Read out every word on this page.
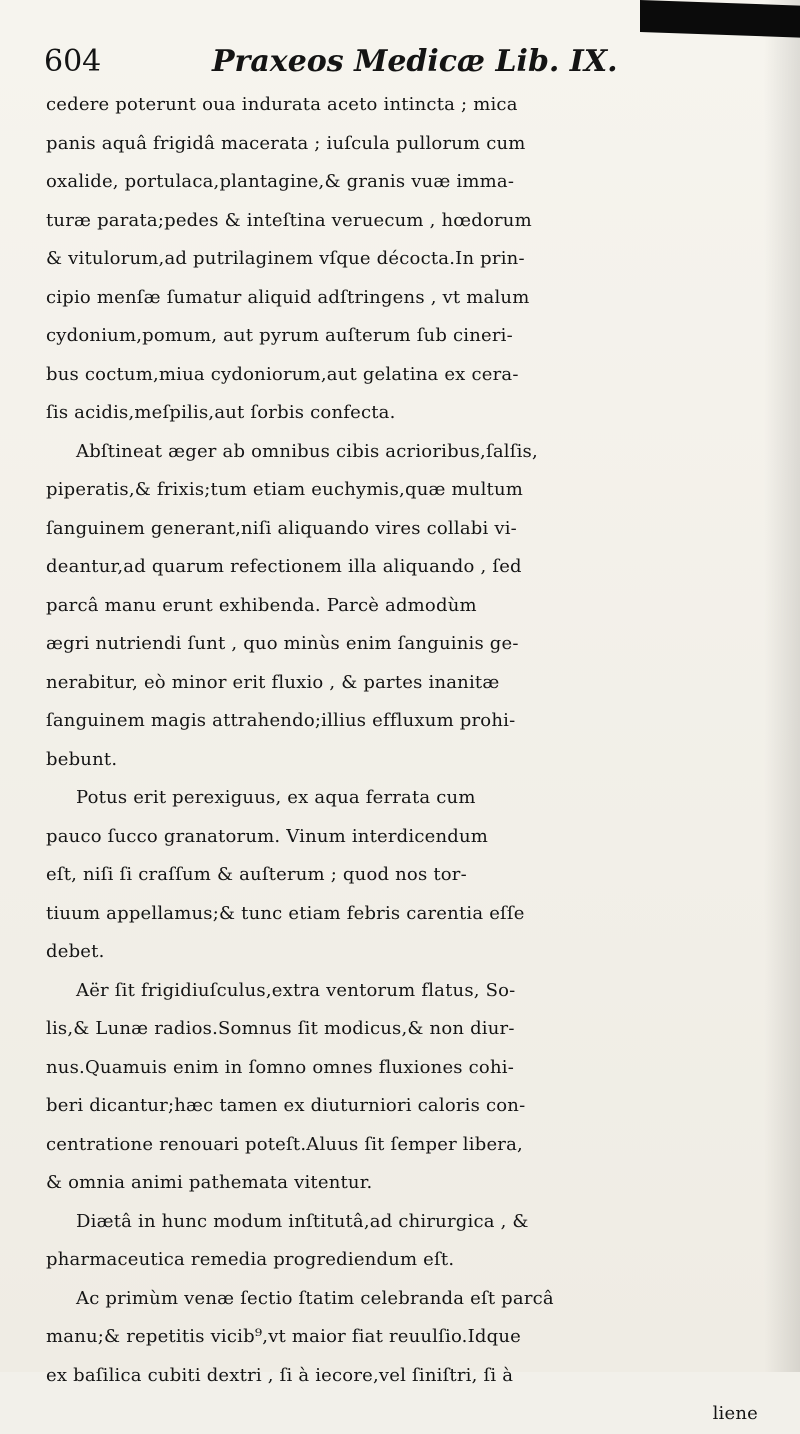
604	Praxeos Medicæ Lib. IX.
cedere poterunt oua indurata aceto intincta ; mica
panis aquâ frigidâ macerata ; iuſcula pullorum cum
oxalide, portulaca,plantagine,& granis vuæ imma-
turæ parata;pedes & inteſtina veruecum , hœdorum
& vitulorum,ad putrilaginem vſque décocta.In prin-
cipio menſæ ſumatur aliquid adſtringens , vt malum
cydonium,pomum, aut pyrum auſterum ſub cineri-
bus coctum,miua cydoniorum,aut gelatina ex cera-
ſis acidis,meſpilis,aut ſorbis confecta.
Abſtineat æger ab omnibus cibis acrioribus,ſalſis,
piperatis,& frixis;tum etiam euchymis,quæ multum
ſanguinem generant,niſi aliquando vires collabi vi-
deantur,ad quarum refectionem illa aliquando , ſed
parcâ manu erunt exhibenda. Parcè admodùm
ægri nutriendi ſunt , quo minùs enim ſanguinis ge-
nerabitur, eò minor erit fluxio , & partes inanitæ
ſanguinem magis attrahendo;illius effluxum prohi-
bebunt.
Potus erit perexiguus, ex aqua ferrata cum
pauco ſucco granatorum. Vinum interdicendum
eſt, niſi ſi craſſum & auſterum ; quod nos tor-
tiuum appellamus;& tunc etiam febris carentia eſſe
debet.
Aër ſit frigidiuſculus,extra ventorum flatus, So-
lis,& Lunæ radios.Somnus ſit modicus,& non diur-
nus.Quamuis enim in ſomno omnes fluxiones cohi-
beri dicantur;hæc tamen ex diuturniori caloris con-
centratione renouari poteſt.Aluus ſit ſemper libera,
& omnia animi pathemata vitentur.
Diætâ in hunc modum inſtitutâ,ad chirurgica , &
pharmaceutica remedia progrediendum eſt.
Ac primùm venæ ſectio ſtatim celebranda eſt parcâ
manu;& repetitis vicib⁹,vt maior fiat reuulſio.Idque
ex baſilica cubiti dextri , ſi à iecore,vel ſiniſtri, ſi à
liene
